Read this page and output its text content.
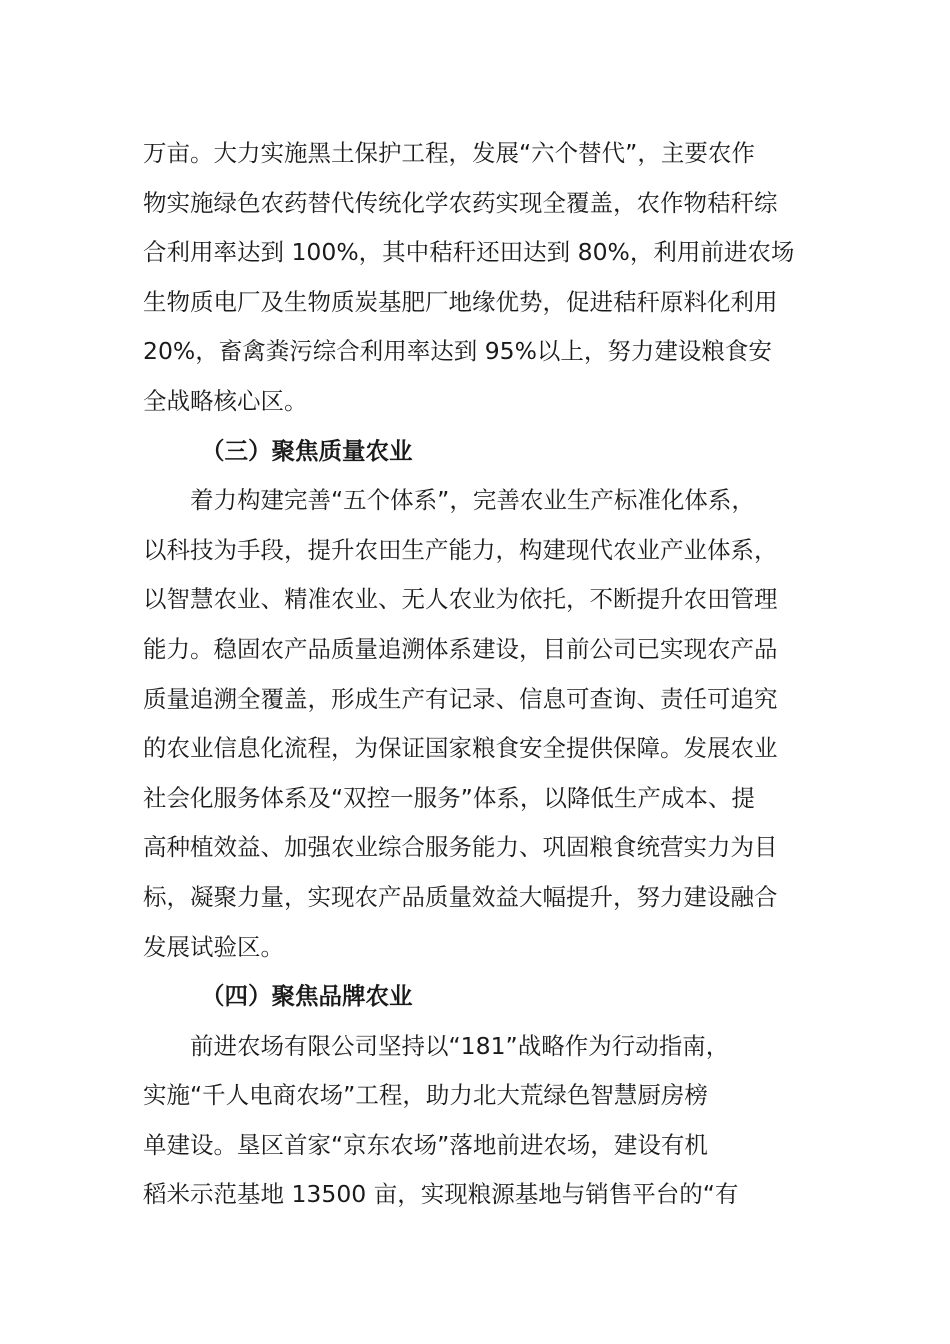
万亩。大力实施黑土保护工程，发展“六个替代”，主要农作
物实施绿色农药替代传统化学农药实现全覆盖，农作物秸秆综
合利用率达到 100%，其中秸秆还田达到 80%，利用前进农场
生物质电厂及生物质炭基肥厂地缘优势，促进秸秆原料化利用
20%，畜禽粪污综合利用率达到 95%以上，努力建设粮食安
全战略核心区。
（三）聚焦质量农业
着力构建完善“五个体系”，完善农业生产标准化体系，
以科技为手段，提升农田生产能力，构建现代农业产业体系，
以智慧农业、精准农业、无人农业为依托，不断提升农田管理
能力。稳固农产品质量追溯体系建设，目前公司已实现农产品
质量追溯全覆盖，形成生产有记录、信息可查询、责任可追究
的农业信息化流程，为保证国家粮食安全提供保障。发展农业
社会化服务体系及“双控一服务”体系，以降低生产成本、提
高种植效益、加强农业综合服务能力、巩固粮食统营实力为目
标，凝聚力量，实现农产品质量效益大幅提升，努力建设融合
发展试验区。
（四）聚焦品牌农业
前进农场有限公司坚持以“181”战略作为行动指南，
实施“千人电商农场”工程，助力北大荒绿色智慧厨房榜
单建设。垦区首家“京东农场”落地前进农场，建设有机
稻米示范基地 13500 亩，实现粮源基地与销售平台的“有
